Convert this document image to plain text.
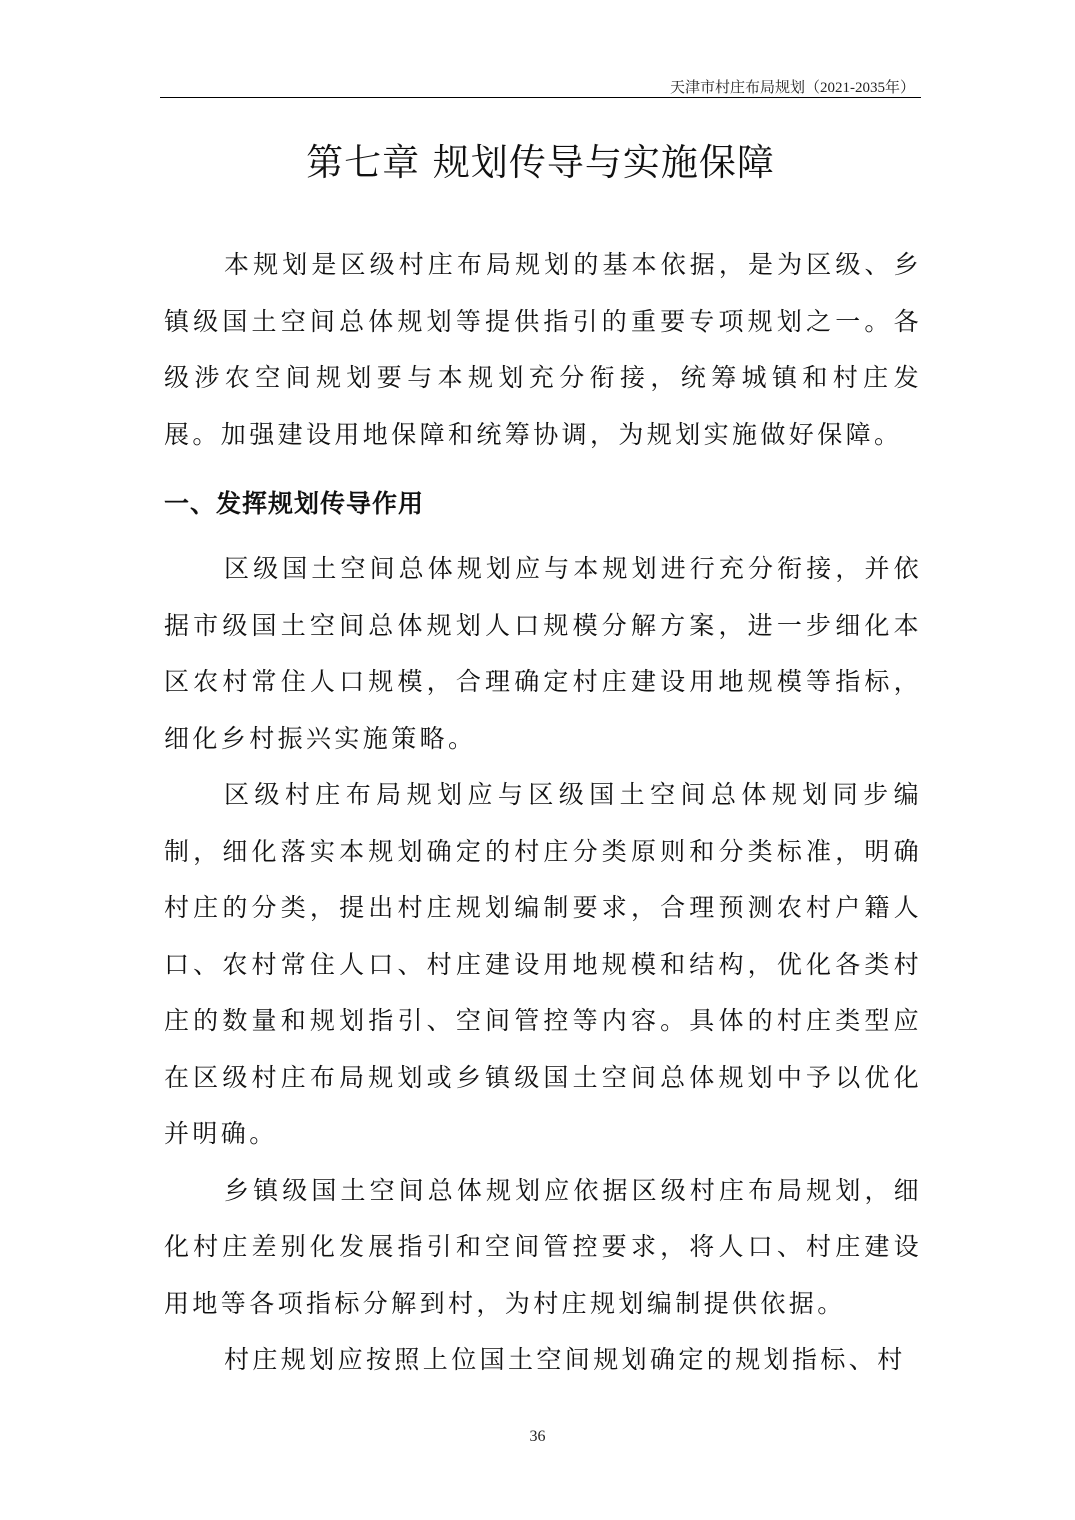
天津市村庄布局规划（2021-2035年）
第七章 规划传导与实施保障

本规划是区级村庄布局规划的基本依据，是为区级、乡镇级国土空间总体规划等提供指引的重要专项规划之一。各级涉农空间规划要与本规划充分衔接，统筹城镇和村庄发展。加强建设用地保障和统筹协调，为规划实施做好保障。

一、发挥规划传导作用

区级国土空间总体规划应与本规划进行充分衔接，并依据市级国土空间总体规划人口规模分解方案，进一步细化本区农村常住人口规模，合理确定村庄建设用地规模等指标，细化乡村振兴实施策略。

区级村庄布局规划应与区级国土空间总体规划同步编制，细化落实本规划确定的村庄分类原则和分类标准，明确村庄的分类，提出村庄规划编制要求，合理预测农村户籍人口、农村常住人口、村庄建设用地规模和结构，优化各类村庄的数量和规划指引、空间管控等内容。具体的村庄类型应在区级村庄布局规划或乡镇级国土空间总体规划中予以优化并明确。

乡镇级国土空间总体规划应依据区级村庄布局规划，细化村庄差别化发展指引和空间管控要求，将人口、村庄建设用地等各项指标分解到村，为村庄规划编制提供依据。

村庄规划应按照上位国土空间规划确定的规划指标、村

36
